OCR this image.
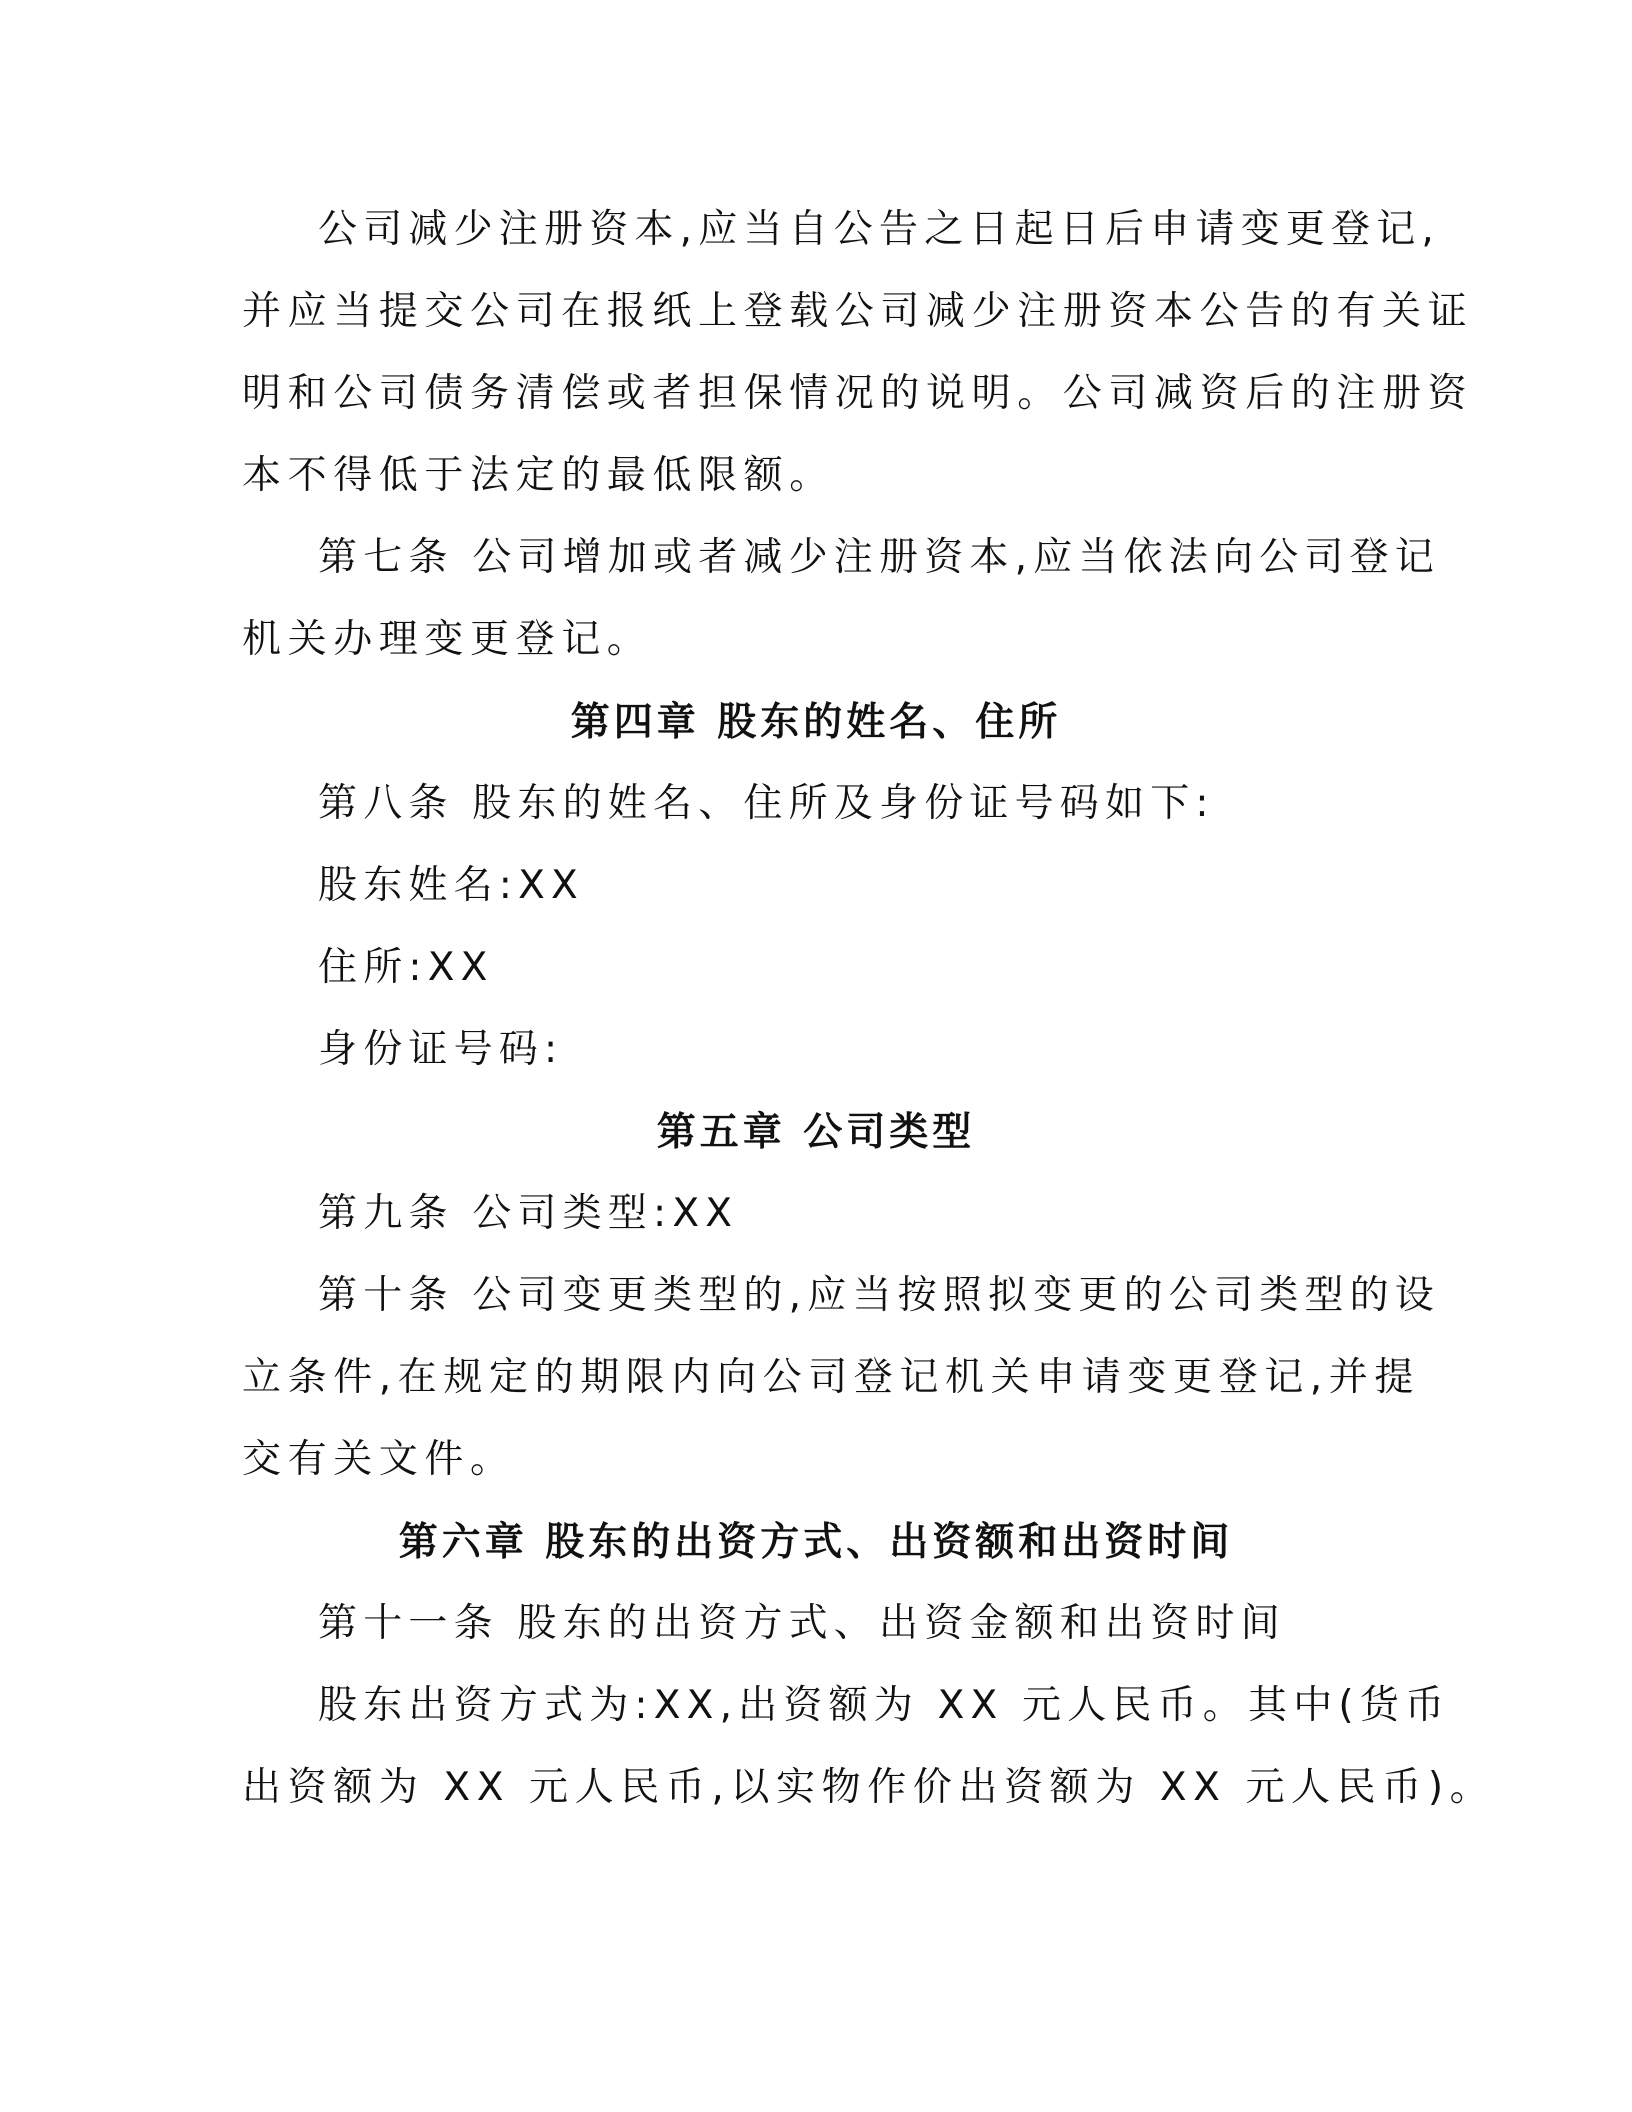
公司减少注册资本,应当自公告之日起日后申请变更登记,
并应当提交公司在报纸上登载公司减少注册资本公告的有关证
明和公司债务清偿或者担保情况的说明。公司减资后的注册资
本不得低于法定的最低限额。
第七条 公司增加或者减少注册资本,应当依法向公司登记
机关办理变更登记。
第四章 股东的姓名、住所
第八条 股东的姓名、住所及身份证号码如下:
股东姓名:XX
住所:XX
身份证号码:
第五章 公司类型
第九条 公司类型:XX
第十条 公司变更类型的,应当按照拟变更的公司类型的设
立条件,在规定的期限内向公司登记机关申请变更登记,并提
交有关文件。
第六章 股东的出资方式、出资额和出资时间
第十一条 股东的出资方式、出资金额和出资时间
股东出资方式为:XX,出资额为 XX 元人民币。其中(货币
出资额为 XX 元人民币,以实物作价出资额为 XX 元人民币)。
